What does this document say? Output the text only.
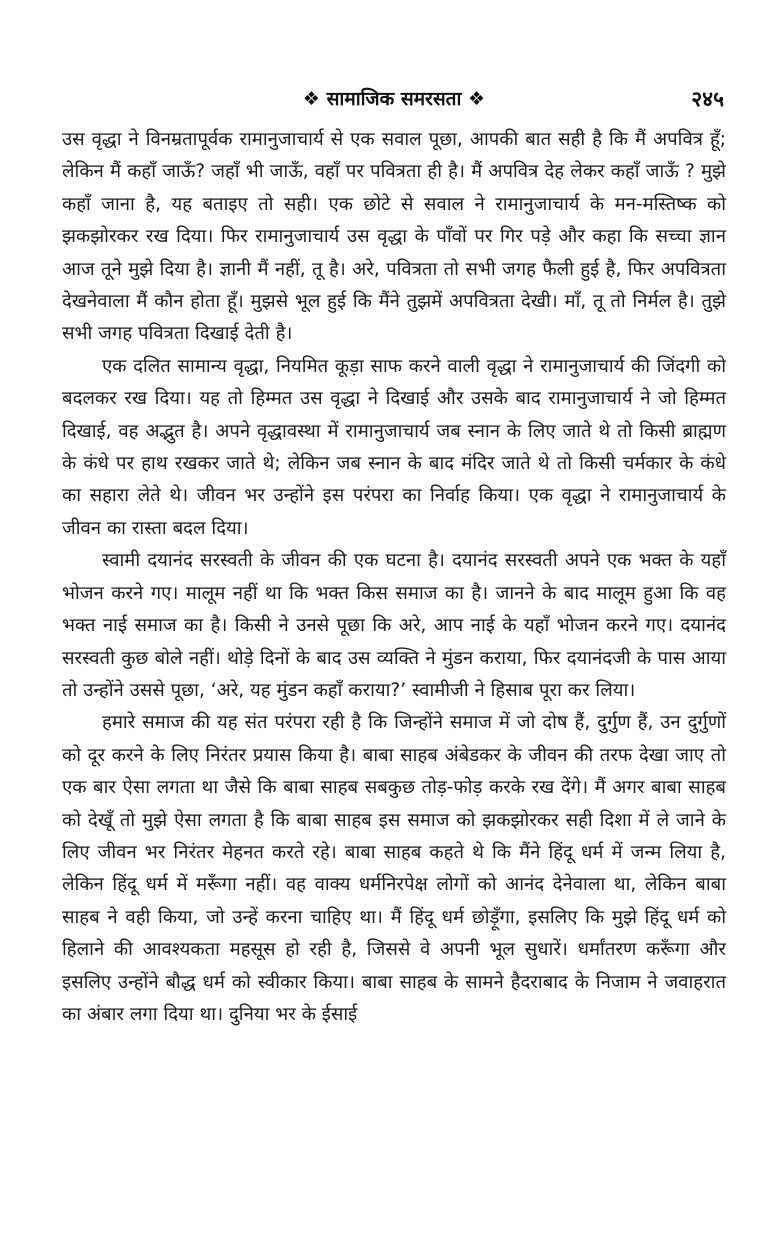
❖ सामाजिक समरसता ❖	२४५

उस वृद्धा ने विनम्रतापूर्वक रामानुजाचार्य से एक सवाल पूछा, आपकी बात सही है कि मैं अपवित्र हूँ; लेकिन मैं कहाँ जाऊँ? जहाँ भी जाऊँ, वहाँ पर पवित्रता ही है। मैं अपवित्र देह लेकर कहाँ जाऊँ ? मुझे कहाँ जाना है, यह बताइए तो सही। एक छोटे से सवाल ने रामानुजाचार्य के मन-मस्तिष्क को झकझोरकर रख दिया। फिर रामानुजाचार्य उस वृद्धा के पाँवों पर गिर पड़े और कहा कि सच्चा ज्ञान आज तूने मुझे दिया है। ज्ञानी मैं नहीं, तू है। अरे, पवित्रता तो सभी जगह फैली हुई है, फिर अपवित्रता देखनेवाला मैं कौन होता हूँ। मुझसे भूल हुई कि मैंने तुझमें अपवित्रता देखी। माँ, तू तो निर्मल है। तुझे सभी जगह पवित्रता दिखाई देती है।

एक दलित सामान्य वृद्धा, नियमित कूड़ा साफ करने वाली वृद्धा ने रामानुजाचार्य की जिंदगी को बदलकर रख दिया। यह तो हिम्मत उस वृद्धा ने दिखाई और उसके बाद रामानुजाचार्य ने जो हिम्मत दिखाई, वह अद्भुत है। अपने वृद्धावस्था में रामानुजाचार्य जब स्नान के लिए जाते थे तो किसी ब्राह्मण के कंधे पर हाथ रखकर जाते थे; लेकिन जब स्नान के बाद मंदिर जाते थे तो किसी चर्मकार के कंधे का सहारा लेते थे। जीवन भर उन्होंने इस परंपरा का निर्वाह किया। एक वृद्धा ने रामानुजाचार्य के जीवन का रास्ता बदल दिया।

स्वामी दयानंद सरस्वती के जीवन की एक घटना है। दयानंद सरस्वती अपने एक भक्त के यहाँ भोजन करने गए। मालूम नहीं था कि भक्त किस समाज का है। जानने के बाद मालूम हुआ कि वह भक्त नाई समाज का है। किसी ने उनसे पूछा कि अरे, आप नाई के यहाँ भोजन करने गए। दयानंद सरस्वती कुछ बोले नहीं। थोड़े दिनों के बाद उस व्यक्ति ने मुंडन कराया, फिर दयानंदजी के पास आया तो उन्होंने उससे पूछा, ‘अरे, यह मुंडन कहाँ कराया?’ स्वामीजी ने हिसाब पूरा कर लिया।

हमारे समाज की यह संत परंपरा रही है कि जिन्होंने समाज में जो दोष हैं, दुर्गुण हैं, उन दुर्गुणों को दूर करने के लिए निरंतर प्रयास किया है। बाबा साहब अंबेडकर के जीवन की तरफ देखा जाए तो एक बार ऐसा लगता था जैसे कि बाबा साहब सबकुछ तोड़-फोड़ करके रख देंगे। मैं अगर बाबा साहब को देखूँ तो मुझे ऐसा लगता है कि बाबा साहब इस समाज को झकझोरकर सही दिशा में ले जाने के लिए जीवन भर निरंतर मेहनत करते रहे। बाबा साहब कहते थे कि मैंने हिंदू धर्म में जन्म लिया है, लेकिन हिंदू धर्म में मरूँगा नहीं। वह वाक्य धर्मनिरपेक्ष लोगों को आनंद देनेवाला था, लेकिन बाबा साहब ने वही किया, जो उन्हें करना चाहिए था। मैं हिंदू धर्म छोड़ूँगा, इसलिए कि मुझे हिंदू धर्म को हिलाने की आवश्यकता महसूस हो रही है, जिससे वे अपनी भूल सुधारें। धर्मांतरण करूँगा और इसलिए उन्होंने बौद्ध धर्म को स्वीकार किया। बाबा साहब के सामने हैदराबाद के निजाम ने जवाहरात का अंबार लगा दिया था। दुनिया भर के ईसाई
